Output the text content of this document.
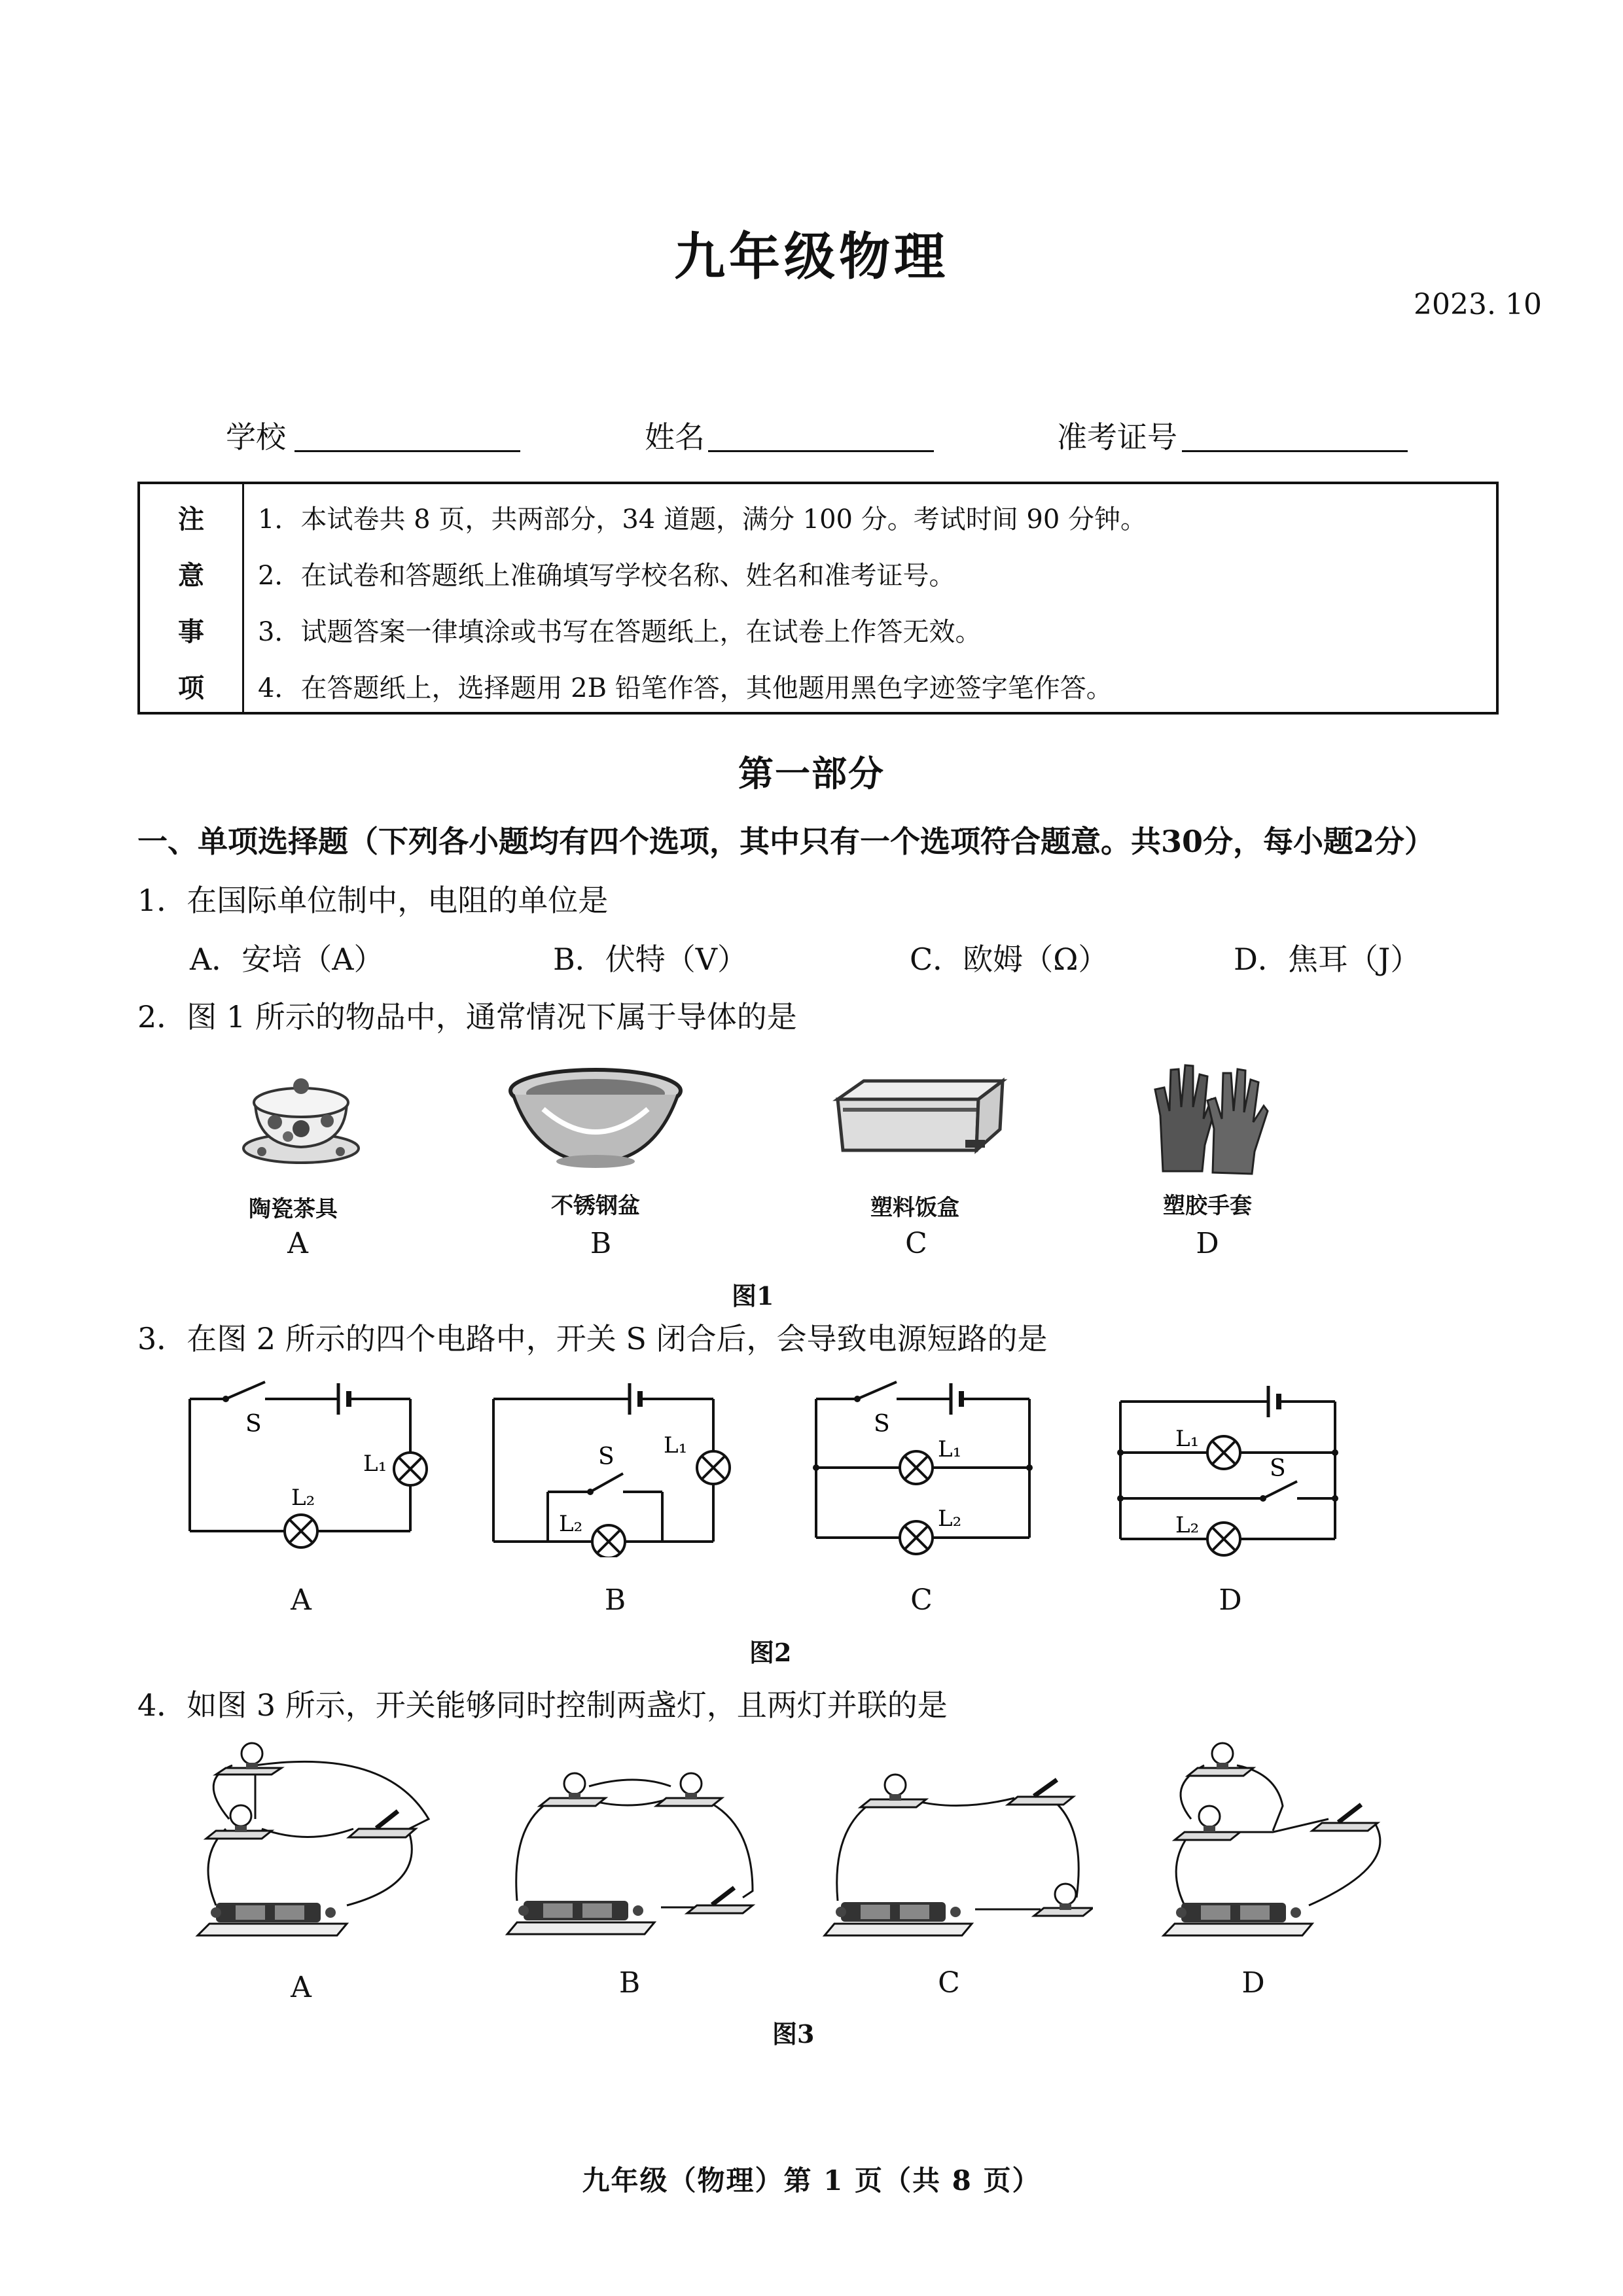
九年级物理
2023. 10
学校	姓名	准考证号
注
意
事
项
1．本试卷共 8 页，共两部分，34 道题，满分 100 分。考试时间 90 分钟。
2．在试卷和答题纸上准确填写学校名称、姓名和准考证号。
3．试题答案一律填涂或书写在答题纸上，在试卷上作答无效。
4．在答题纸上，选择题用 2B 铅笔作答，其他题用黑色字迹签字笔作答。
第一部分
一、单项选择题（下列各小题均有四个选项，其中只有一个选项符合题意。共30分，每小题2分）
1．在国际单位制中，电阻的单位是
A．安培（A）	B．伏特（V）	C．欧姆（Ω）	D．焦耳（J）
2．图 1 所示的物品中，通常情况下属于导体的是
陶瓷茶具	不锈钢盆	塑料饭盒	塑胶手套
A	B	C	D
图1
3．在图 2 所示的四个电路中，开关 S 闭合后，会导致电源短路的是
S
L₁
L₂
S L₁
L₂
S
L₁
L₂
S
L₁
L₂
A	B	C	D
图2
4．如图 3 所示，开关能够同时控制两盏灯，且两灯并联的是
A	B	C	D
图3
九年级（物理）第 1 页（共 8 页）
